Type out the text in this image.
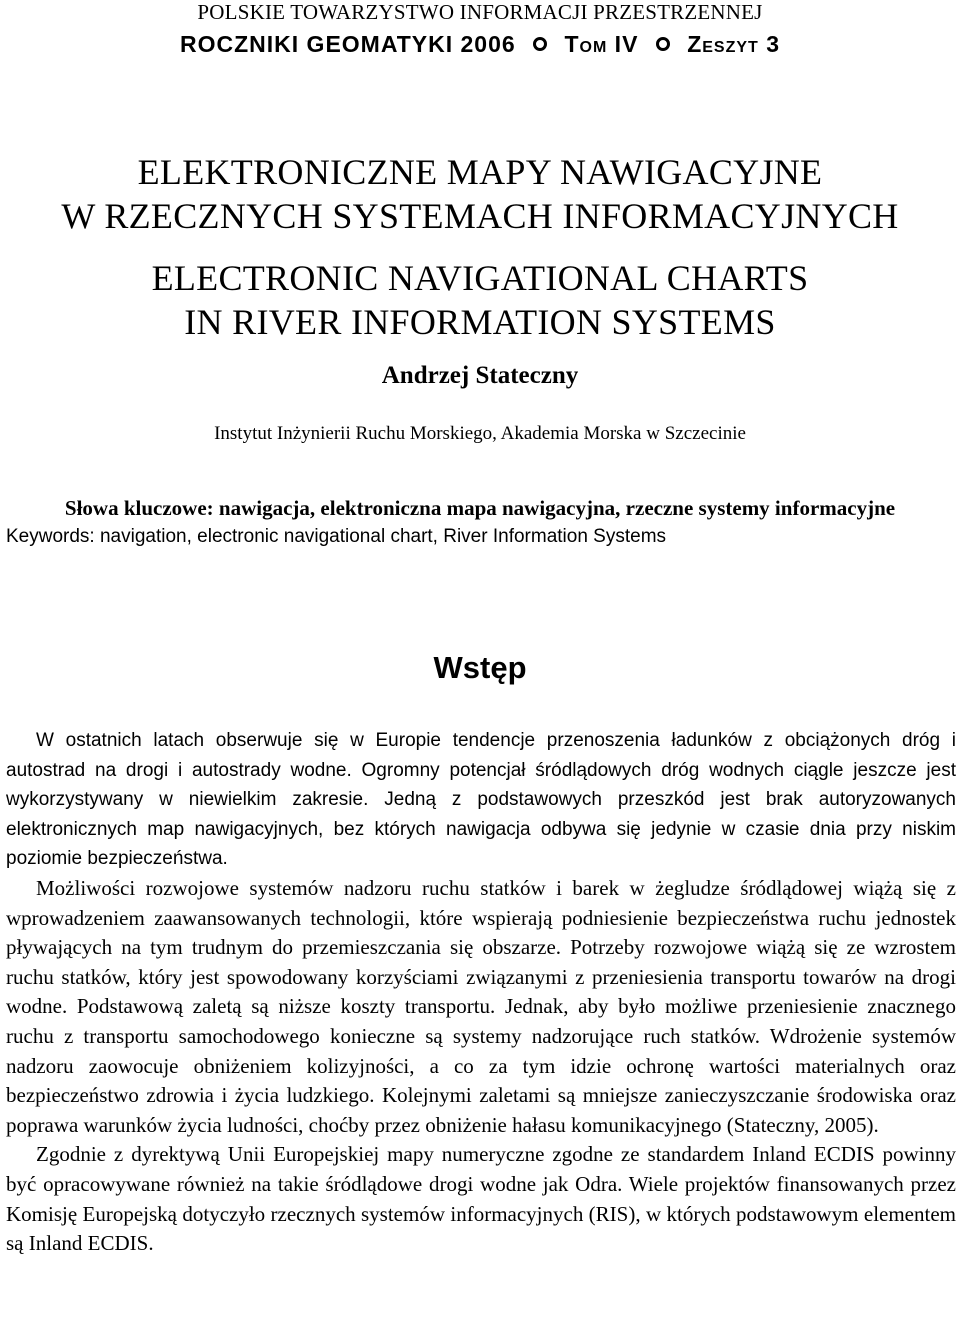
POLSKIE TOWARZYSTWO INFORMACJI PRZESTRZENNEJ
ROCZNIKI GEOMATYKI 2006 Tom IV Zeszyt 3
ELEKTRONICZNE MAPY NAWIGACYJNE
W RZECZNYCH SYSTEMACH INFORMACYJNYCH
ELECTRONIC NAVIGATIONAL CHARTS
IN RIVER INFORMATION SYSTEMS
Andrzej Stateczny
Instytut Inżynierii Ruchu Morskiego, Akademia Morska w Szczecinie
Słowa kluczowe: nawigacja, elektroniczna mapa nawigacyjna, rzeczne systemy informacyjne
Keywords: navigation, electronic navigational chart, River Information Systems
Wstęp

W ostatnich latach obserwuje się w Europie tendencje przenoszenia ładunków z obciążonych dróg i autostrad na drogi i autostrady wodne. Ogromny potencjał śródlądowych dróg wodnych ciągle jeszcze jest wykorzystywany w niewielkim zakresie. Jedną z podstawowych przeszkód jest brak autoryzowanych elektronicznych map nawigacyjnych, bez których nawigacja odbywa się jedynie w czasie dnia przy niskim poziomie bezpieczeństwa.

Możliwości rozwojowe systemów nadzoru ruchu statków i barek w żegludze śródlądowej wiążą się z wprowadzeniem zaawansowanych technologii, które wspierają podniesienie bezpieczeństwa ruchu jednostek pływających na tym trudnym do przemieszczania się obszarze. Potrzeby rozwojowe wiążą się ze wzrostem ruchu statków, który jest spowodowany korzyściami związanymi z przeniesienia transportu towarów na drogi wodne. Podstawową zaletą są niższe koszty transportu. Jednak, aby było możliwe przeniesienie znacznego ruchu z transportu samochodowego konieczne są systemy nadzorujące ruch statków. Wdrożenie systemów nadzoru zaowocuje obniżeniem kolizyjności, a co za tym idzie ochronę wartości materialnych oraz bezpieczeństwo zdrowia i życia ludzkiego. Kolejnymi zaletami są mniejsze zanieczyszczanie środowiska oraz poprawa warunków życia ludności, choćby przez obniżenie hałasu komunikacyjnego (Stateczny, 2005).

Zgodnie z dyrektywą Unii Europejskiej mapy numeryczne zgodne ze standardem Inland ECDIS powinny być opracowywane również na takie śródlądowe drogi wodne jak Odra. Wiele projektów finansowanych przez Komisję Europejską dotyczyło rzecznych systemów informacyjnych (RIS), w których podstawowym elementem są Inland ECDIS.
